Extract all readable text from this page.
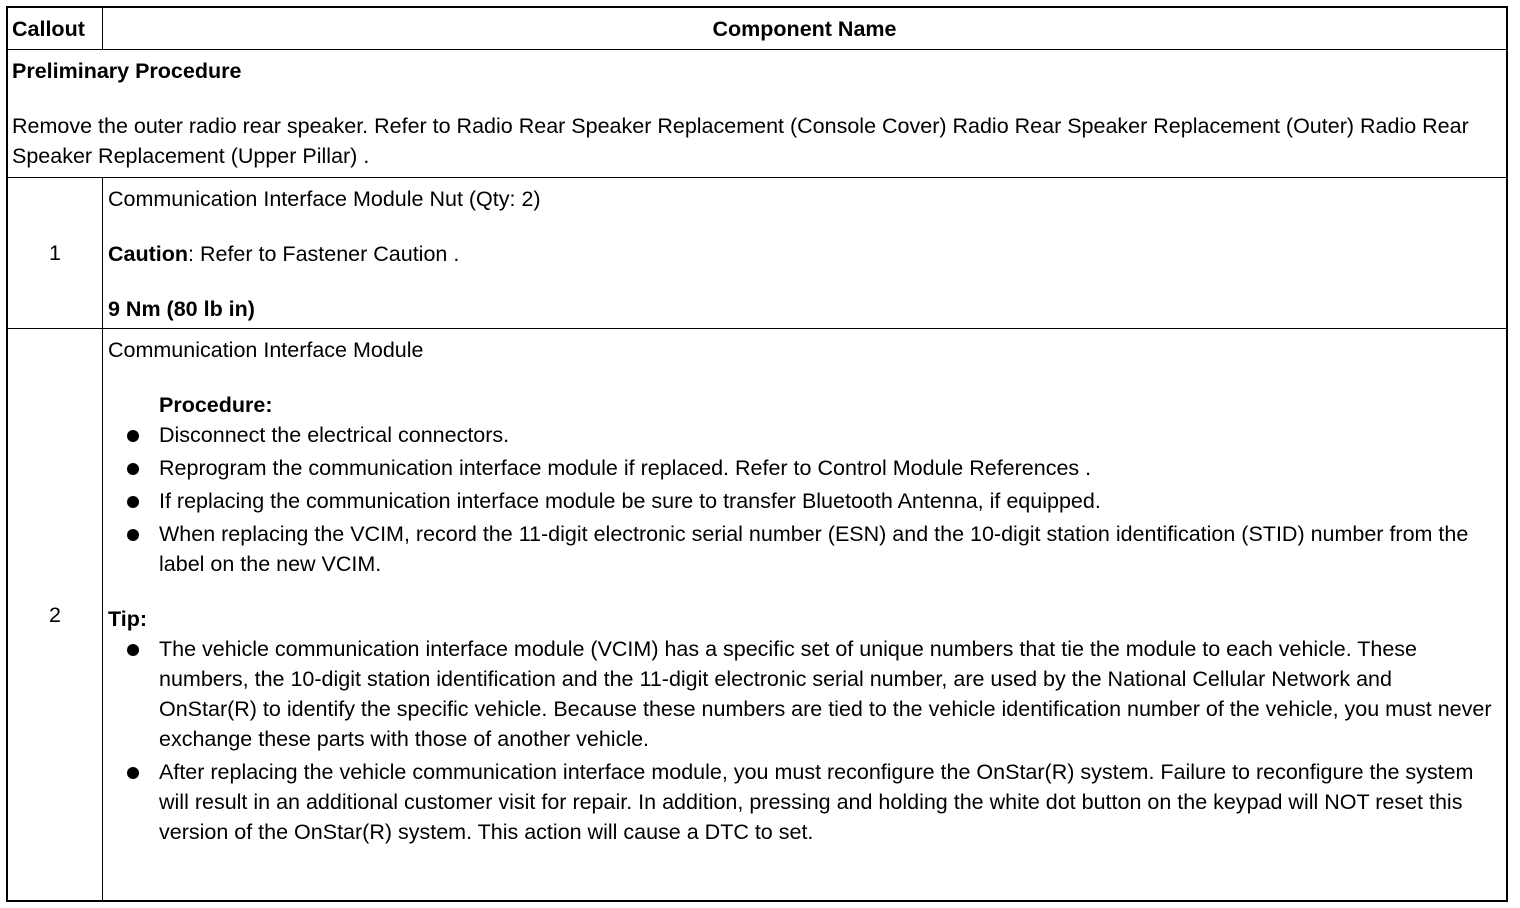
Callout	Component Name

Preliminary Procedure

Remove the outer radio rear speaker. Refer to Radio Rear Speaker Replacement (Console Cover) Radio Rear Speaker Replacement (Outer) Radio Rear Speaker Replacement (Upper Pillar) .

1

Communication Interface Module Nut (Qty: 2)

Caution: Refer to Fastener Caution .

9 Nm (80 lb in)

2

Communication Interface Module

Procedure:

Disconnect the electrical connectors.
Reprogram the communication interface module if replaced. Refer to Control Module References .
If replacing the communication interface module be sure to transfer Bluetooth Antenna, if equipped.
When replacing the VCIM, record the 11-digit electronic serial number (ESN) and the 10-digit station identification (STID) number from the label on the new VCIM.

Tip:

The vehicle communication interface module (VCIM) has a specific set of unique numbers that tie the module to each vehicle. These numbers, the 10-digit station identification and the 11-digit electronic serial number, are used by the National Cellular Network and OnStar(R) to identify the specific vehicle. Because these numbers are tied to the vehicle identification number of the vehicle, you must never exchange these parts with those of another vehicle.
After replacing the vehicle communication interface module, you must reconfigure the OnStar(R) system. Failure to reconfigure the system will result in an additional customer visit for repair. In addition, pressing and holding the white dot button on the keypad will NOT reset this version of the OnStar(R) system. This action will cause a DTC to set.
